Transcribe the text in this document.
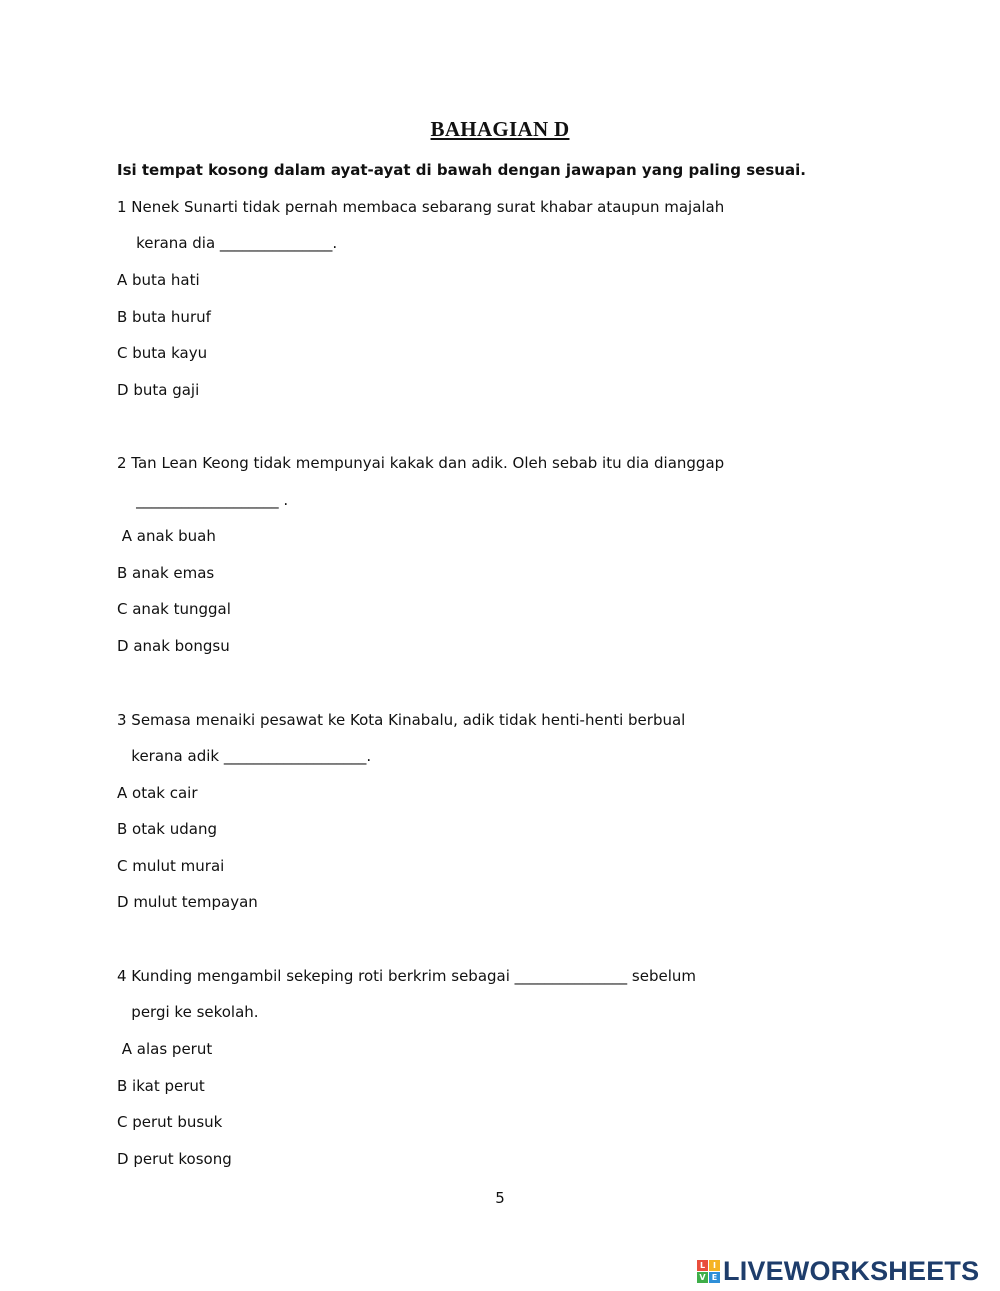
BAHAGIAN D
Isi tempat kosong dalam ayat-ayat di bawah dengan jawapan yang paling sesuai.
1 Nenek Sunarti tidak pernah membaca sebarang surat khabar ataupun majalah
kerana dia _______________.
A buta hati
B buta huruf
C buta kayu
D buta gaji
2 Tan Lean Keong tidak mempunyai kakak dan adik. Oleh sebab itu dia dianggap
___________________ .
A anak buah
B anak emas
C anak tunggal
D anak bongsu
3 Semasa menaiki pesawat ke Kota Kinabalu, adik tidak henti-henti berbual
kerana adik ___________________.
A otak cair
B otak udang
C mulut murai
D mulut tempayan
4 Kunding mengambil sekeping roti berkrim sebagai _______________ sebelum
pergi ke sekolah.
A alas perut
B ikat perut
C perut busuk
D perut kosong
5
L I
V E LIVEWORKSHEETS
